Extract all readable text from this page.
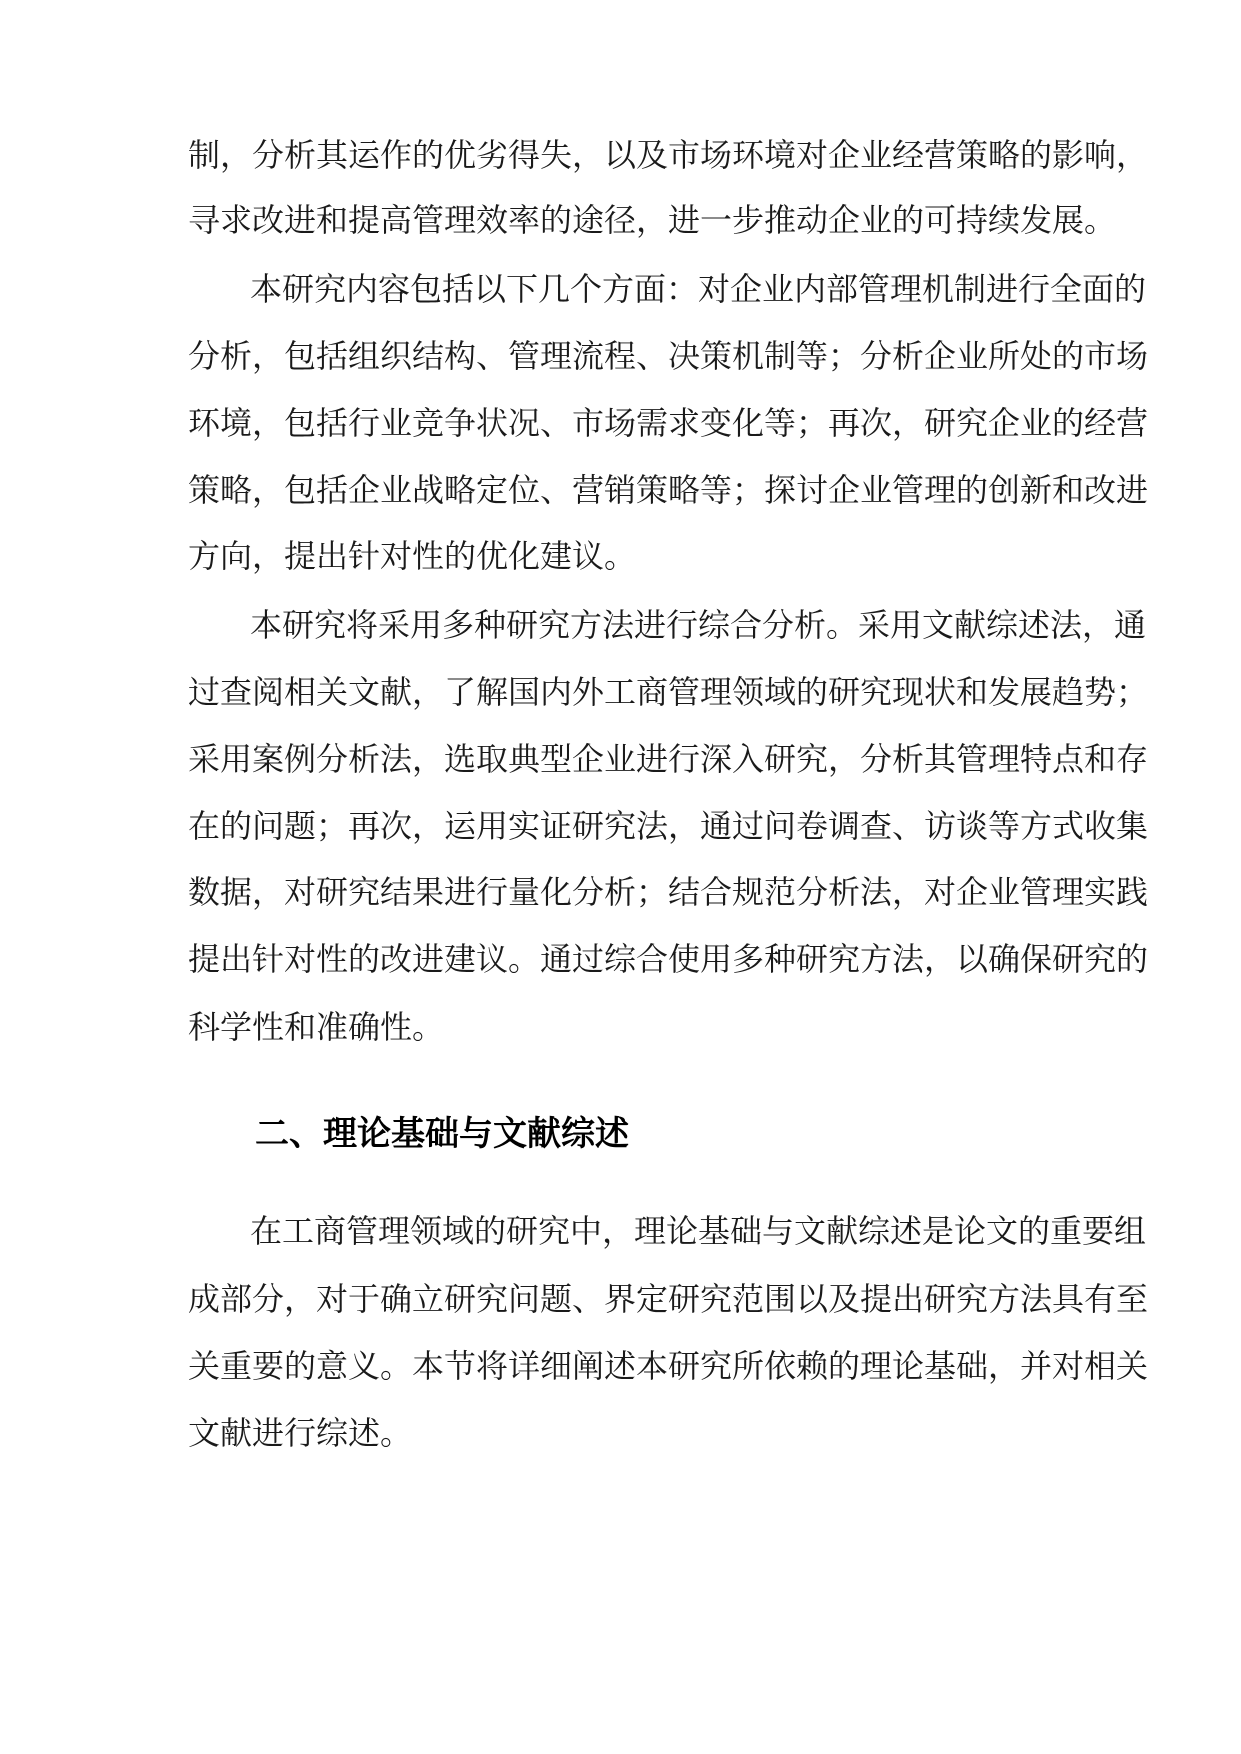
制，分析其运作的优劣得失，以及市场环境对企业经营策略的影响，
寻求改进和提高管理效率的途径，进一步推动企业的可持续发展。
本研究内容包括以下几个方面：对企业内部管理机制进行全面的
分析，包括组织结构、管理流程、决策机制等；分析企业所处的市场
环境，包括行业竞争状况、市场需求变化等；再次，研究企业的经营
策略，包括企业战略定位、营销策略等；探讨企业管理的创新和改进
方向，提出针对性的优化建议。
本研究将采用多种研究方法进行综合分析。采用文献综述法，通
过查阅相关文献，了解国内外工商管理领域的研究现状和发展趋势；
采用案例分析法，选取典型企业进行深入研究，分析其管理特点和存
在的问题；再次，运用实证研究法，通过问卷调查、访谈等方式收集
数据，对研究结果进行量化分析；结合规范分析法，对企业管理实践
提出针对性的改进建议。通过综合使用多种研究方法，以确保研究的
科学性和准确性。
二、理论基础与文献综述
在工商管理领域的研究中，理论基础与文献综述是论文的重要组
成部分，对于确立研究问题、界定研究范围以及提出研究方法具有至
关重要的意义。本节将详细阐述本研究所依赖的理论基础，并对相关
文献进行综述。
